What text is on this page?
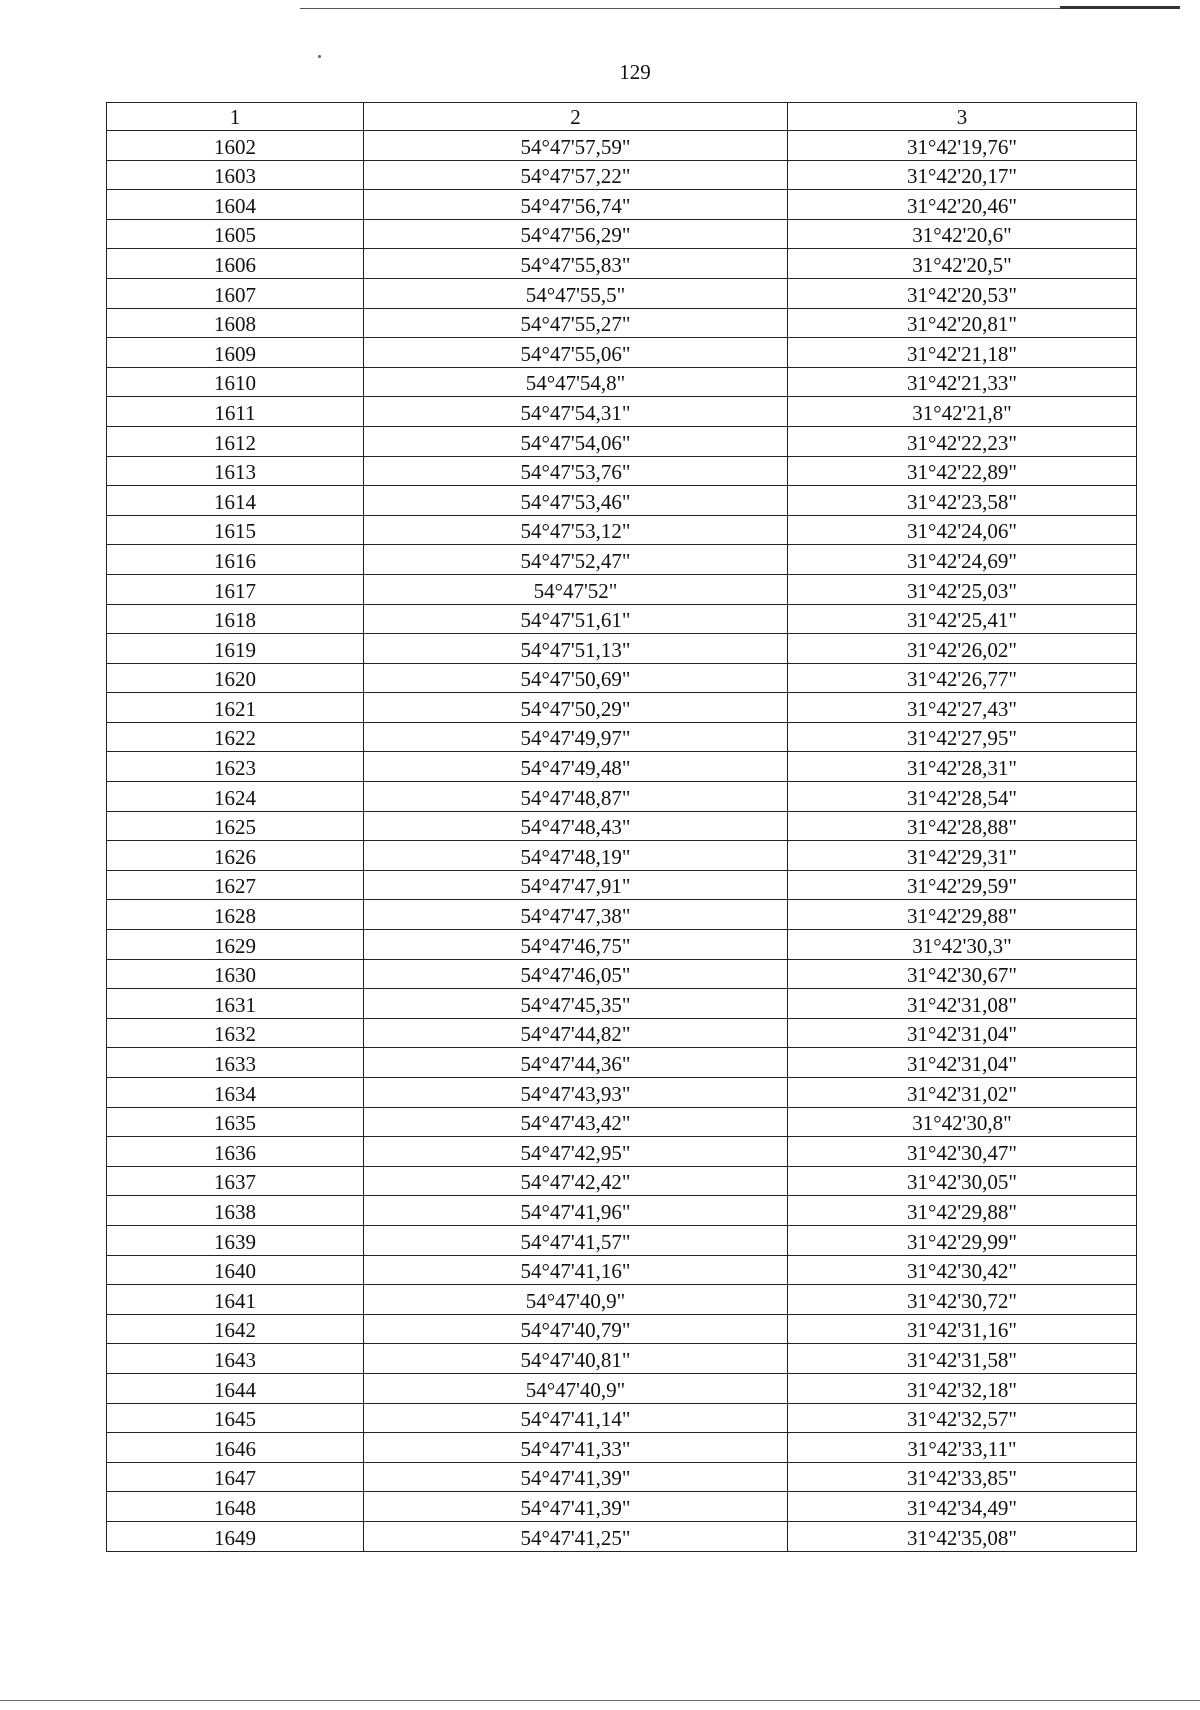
129
1	2	3
1602	54°47'57,59"	31°42'19,76"
1603	54°47'57,22"	31°42'20,17"
1604	54°47'56,74"	31°42'20,46"
1605	54°47'56,29"	31°42'20,6"
1606	54°47'55,83"	31°42'20,5"
1607	54°47'55,5"	31°42'20,53"
1608	54°47'55,27"	31°42'20,81"
1609	54°47'55,06"	31°42'21,18"
1610	54°47'54,8"	31°42'21,33"
1611	54°47'54,31"	31°42'21,8"
1612	54°47'54,06"	31°42'22,23"
1613	54°47'53,76"	31°42'22,89"
1614	54°47'53,46"	31°42'23,58"
1615	54°47'53,12"	31°42'24,06"
1616	54°47'52,47"	31°42'24,69"
1617	54°47'52"	31°42'25,03"
1618	54°47'51,61"	31°42'25,41"
1619	54°47'51,13"	31°42'26,02"
1620	54°47'50,69"	31°42'26,77"
1621	54°47'50,29"	31°42'27,43"
1622	54°47'49,97"	31°42'27,95"
1623	54°47'49,48"	31°42'28,31"
1624	54°47'48,87"	31°42'28,54"
1625	54°47'48,43"	31°42'28,88"
1626	54°47'48,19"	31°42'29,31"
1627	54°47'47,91"	31°42'29,59"
1628	54°47'47,38"	31°42'29,88"
1629	54°47'46,75"	31°42'30,3"
1630	54°47'46,05"	31°42'30,67"
1631	54°47'45,35"	31°42'31,08"
1632	54°47'44,82"	31°42'31,04"
1633	54°47'44,36"	31°42'31,04"
1634	54°47'43,93"	31°42'31,02"
1635	54°47'43,42"	31°42'30,8"
1636	54°47'42,95"	31°42'30,47"
1637	54°47'42,42"	31°42'30,05"
1638	54°47'41,96"	31°42'29,88"
1639	54°47'41,57"	31°42'29,99"
1640	54°47'41,16"	31°42'30,42"
1641	54°47'40,9"	31°42'30,72"
1642	54°47'40,79"	31°42'31,16"
1643	54°47'40,81"	31°42'31,58"
1644	54°47'40,9"	31°42'32,18"
1645	54°47'41,14"	31°42'32,57"
1646	54°47'41,33"	31°42'33,11"
1647	54°47'41,39"	31°42'33,85"
1648	54°47'41,39"	31°42'34,49"
1649	54°47'41,25"	31°42'35,08"
